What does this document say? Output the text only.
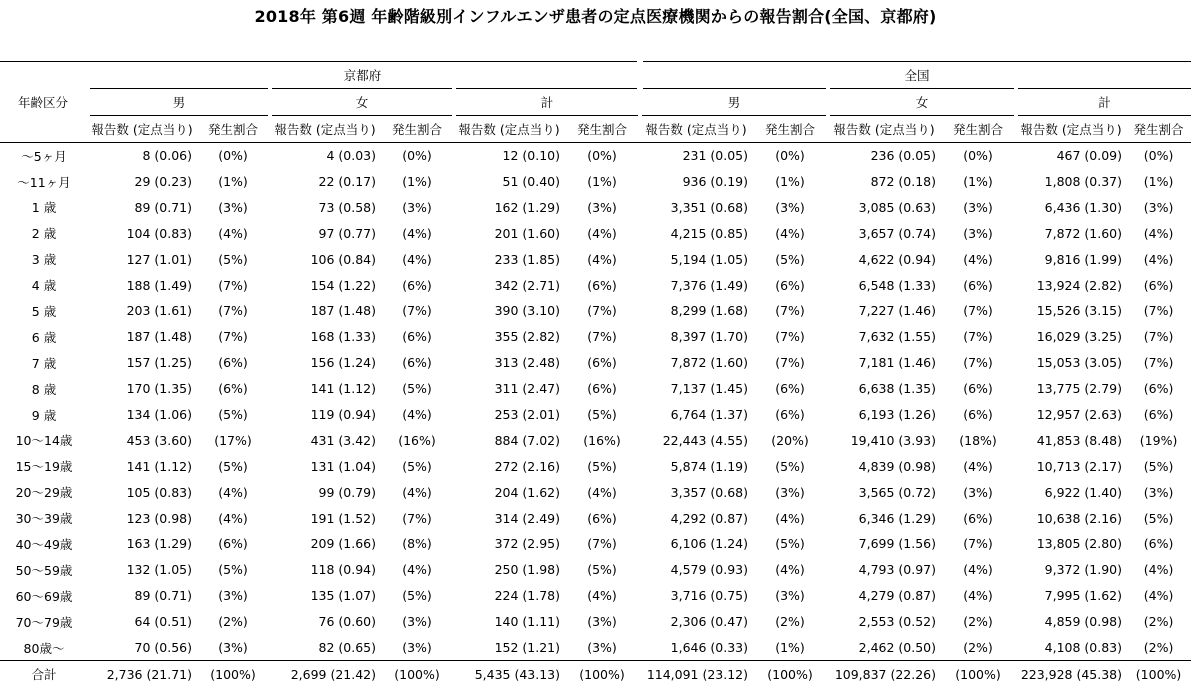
2018年 第6週 年齢階級別インフルエンザ患者の定点医療機関からの報告割合(全国、京都府)
	京都府						全国					
年齢区分	男		女		計		男		女		計	
	報告数 (定点当り)	発生割合	報告数 (定点当り)	発生割合	報告数 (定点当り)	発生割合	報告数 (定点当り)	発生割合	報告数 (定点当り)	発生割合	報告数 (定点当り)	発生割合
〜5ヶ月	8 (0.06)	(0%)	4 (0.03)	(0%)	12 (0.10)	(0%)	231 (0.05)	(0%)	236 (0.05)	(0%)	467 (0.09)	(0%)
〜11ヶ月	29 (0.23)	(1%)	22 (0.17)	(1%)	51 (0.40)	(1%)	936 (0.19)	(1%)	872 (0.18)	(1%)	1,808 (0.37)	(1%)
1 歳	89 (0.71)	(3%)	73 (0.58)	(3%)	162 (1.29)	(3%)	3,351 (0.68)	(3%)	3,085 (0.63)	(3%)	6,436 (1.30)	(3%)
2 歳	104 (0.83)	(4%)	97 (0.77)	(4%)	201 (1.60)	(4%)	4,215 (0.85)	(4%)	3,657 (0.74)	(3%)	7,872 (1.60)	(4%)
3 歳	127 (1.01)	(5%)	106 (0.84)	(4%)	233 (1.85)	(4%)	5,194 (1.05)	(5%)	4,622 (0.94)	(4%)	9,816 (1.99)	(4%)
4 歳	188 (1.49)	(7%)	154 (1.22)	(6%)	342 (2.71)	(6%)	7,376 (1.49)	(6%)	6,548 (1.33)	(6%)	13,924 (2.82)	(6%)
5 歳	203 (1.61)	(7%)	187 (1.48)	(7%)	390 (3.10)	(7%)	8,299 (1.68)	(7%)	7,227 (1.46)	(7%)	15,526 (3.15)	(7%)
6 歳	187 (1.48)	(7%)	168 (1.33)	(6%)	355 (2.82)	(7%)	8,397 (1.70)	(7%)	7,632 (1.55)	(7%)	16,029 (3.25)	(7%)
7 歳	157 (1.25)	(6%)	156 (1.24)	(6%)	313 (2.48)	(6%)	7,872 (1.60)	(7%)	7,181 (1.46)	(7%)	15,053 (3.05)	(7%)
8 歳	170 (1.35)	(6%)	141 (1.12)	(5%)	311 (2.47)	(6%)	7,137 (1.45)	(6%)	6,638 (1.35)	(6%)	13,775 (2.79)	(6%)
9 歳	134 (1.06)	(5%)	119 (0.94)	(4%)	253 (2.01)	(5%)	6,764 (1.37)	(6%)	6,193 (1.26)	(6%)	12,957 (2.63)	(6%)
10〜14歳	453 (3.60)	(17%)	431 (3.42)	(16%)	884 (7.02)	(16%)	22,443 (4.55)	(20%)	19,410 (3.93)	(18%)	41,853 (8.48)	(19%)
15〜19歳	141 (1.12)	(5%)	131 (1.04)	(5%)	272 (2.16)	(5%)	5,874 (1.19)	(5%)	4,839 (0.98)	(4%)	10,713 (2.17)	(5%)
20〜29歳	105 (0.83)	(4%)	99 (0.79)	(4%)	204 (1.62)	(4%)	3,357 (0.68)	(3%)	3,565 (0.72)	(3%)	6,922 (1.40)	(3%)
30〜39歳	123 (0.98)	(4%)	191 (1.52)	(7%)	314 (2.49)	(6%)	4,292 (0.87)	(4%)	6,346 (1.29)	(6%)	10,638 (2.16)	(5%)
40〜49歳	163 (1.29)	(6%)	209 (1.66)	(8%)	372 (2.95)	(7%)	6,106 (1.24)	(5%)	7,699 (1.56)	(7%)	13,805 (2.80)	(6%)
50〜59歳	132 (1.05)	(5%)	118 (0.94)	(4%)	250 (1.98)	(5%)	4,579 (0.93)	(4%)	4,793 (0.97)	(4%)	9,372 (1.90)	(4%)
60〜69歳	89 (0.71)	(3%)	135 (1.07)	(5%)	224 (1.78)	(4%)	3,716 (0.75)	(3%)	4,279 (0.87)	(4%)	7,995 (1.62)	(4%)
70〜79歳	64 (0.51)	(2%)	76 (0.60)	(3%)	140 (1.11)	(3%)	2,306 (0.47)	(2%)	2,553 (0.52)	(2%)	4,859 (0.98)	(2%)
80歳〜	70 (0.56)	(3%)	82 (0.65)	(3%)	152 (1.21)	(3%)	1,646 (0.33)	(1%)	2,462 (0.50)	(2%)	4,108 (0.83)	(2%)
合計	2,736 (21.71)	(100%)	2,699 (21.42)	(100%)	5,435 (43.13)	(100%)	114,091 (23.12)	(100%)	109,837 (22.26)	(100%)	223,928 (45.38)	(100%)
